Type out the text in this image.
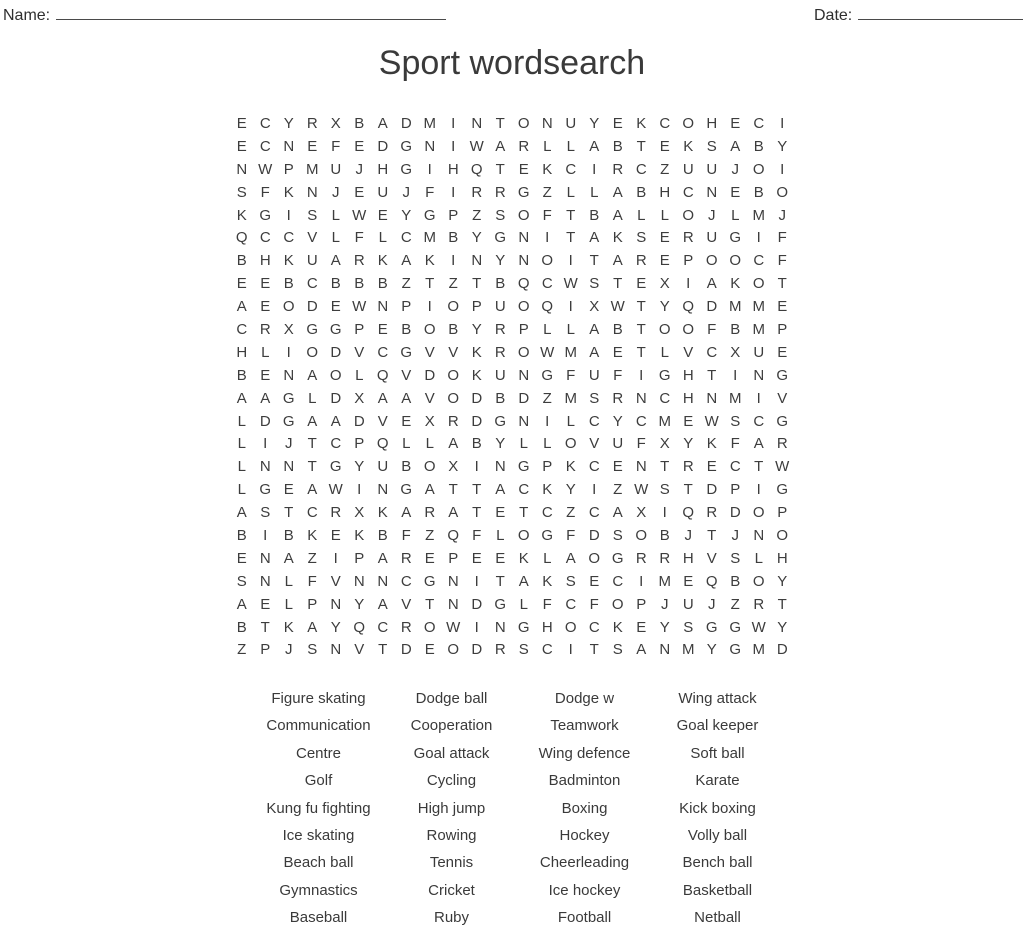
Name:	Date:
Sport wordsearch
E C Y R X B A D M	I	N T O N U Y E K C O H E C	I
E C N E F E D G N	I W A R L	L A B T E K S A B Y
N W P M U J H G	I	H Q T E K C	I	R C Z U U J O	I
S F K N J E U J	F	I	R R G Z L	L A B H C N E B O
K G	I	S L W E Y G P Z S O F T B A L	L O J	L M J
Q C C V L F L C M B Y G N	I	T A K S E R U G	I	F
B H K U A R K A K	I	N Y N O	I	T A R E P O O C F
E E B C B B B Z T Z T B Q C W S T E X	I	A K O T
A E O D E W N P	I	O P U O Q	I	X W T Y Q D M M E
C R X G G P E B O B Y R P L	L A B T O O F B M P
H L	I	O D V C G V V K R O W M A E T L V C X U E
B E N A O L Q V D O K U N G F U F	I	G H T	I	N G
A A G L D X A A V O D B D Z M S R N C H N M	I	V
L D G A A D V E X R D G N	I	L C Y C M E W S C G
L	I	J	T C P Q L	L A B Y L	L O V U F X Y K F A R
L N N T G Y U B O X	I	N G P K C E N T R E C T W
L G E A W I	N G A T T A C K Y	I	Z W S T D P	I	G
A S T C R X K A R A T E T C Z C A X	I	Q R D O P
B	I	B K E K B F Z Q F L O G F D S O B J	T	J N O
E N A Z	I	P A R E P E E K L A O G R R H V S L H
S N L F V N N C G N	I	T A K S E C	I	M E Q B O Y
A E L P N Y A V T N D G L F C F O P J U J	Z R T
B T K A Y Q C R O W I	N G H O C K E Y S G G W Y
Z P J S N V T D E O D R S C	I	T S A N M Y G M D
Figure skating	Dodge ball	Dodge w	Wing attack
Communication	Cooperation	Teamwork	Goal keeper
Centre	Goal attack	Wing defence	Soft ball
Golf	Cycling	Badminton	Karate
Kung fu fighting	High jump	Boxing	Kick boxing
Ice skating	Rowing	Hockey	Volly ball
Beach ball	Tennis	Cheerleading	Bench ball
Gymnastics	Cricket	Ice hockey	Basketball
Baseball	Ruby	Football	Netball
